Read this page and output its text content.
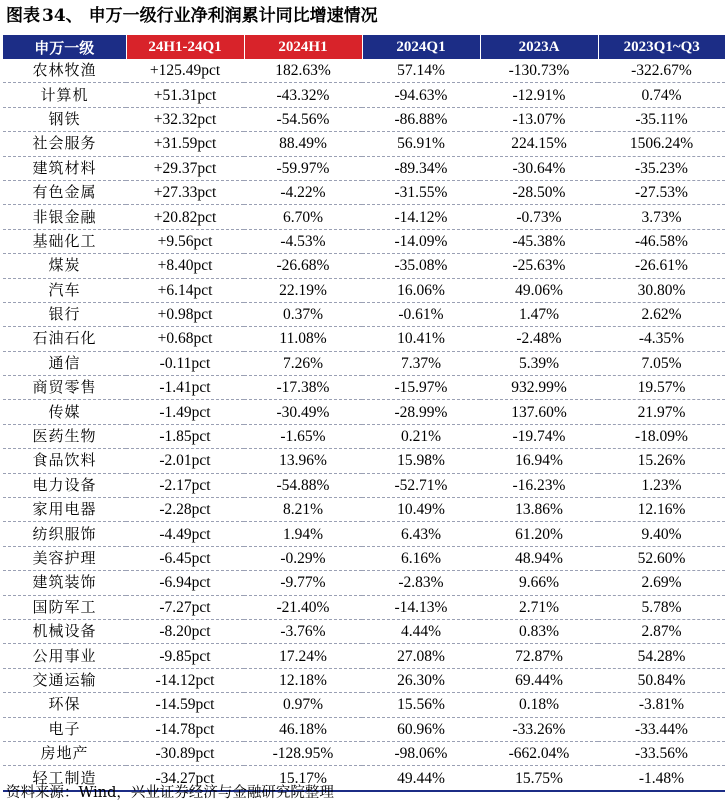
图表 34、 申万一级行业净利润累计同比增速情况
申万一级	24H1-24Q1	2024H1	2024Q1	2023A	2023Q1~Q3
农林牧渔	+125.49pct	182.63%	57.14%	-130.73%	-322.67%
计算机	+51.31pct	-43.32%	-94.63%	-12.91%	0.74%
钢铁	+32.32pct	-54.56%	-86.88%	-13.07%	-35.11%
社会服务	+31.59pct	88.49%	56.91%	224.15%	1506.24%
建筑材料	+29.37pct	-59.97%	-89.34%	-30.64%	-35.23%
有色金属	+27.33pct	-4.22%	-31.55%	-28.50%	-27.53%
非银金融	+20.82pct	6.70%	-14.12%	-0.73%	3.73%
基础化工	+9.56pct	-4.53%	-14.09%	-45.38%	-46.58%
煤炭	+8.40pct	-26.68%	-35.08%	-25.63%	-26.61%
汽车	+6.14pct	22.19%	16.06%	49.06%	30.80%
银行	+0.98pct	0.37%	-0.61%	1.47%	2.62%
石油石化	+0.68pct	11.08%	10.41%	-2.48%	-4.35%
通信	-0.11pct	7.26%	7.37%	5.39%	7.05%
商贸零售	-1.41pct	-17.38%	-15.97%	932.99%	19.57%
传媒	-1.49pct	-30.49%	-28.99%	137.60%	21.97%
医药生物	-1.85pct	-1.65%	0.21%	-19.74%	-18.09%
食品饮料	-2.01pct	13.96%	15.98%	16.94%	15.26%
电力设备	-2.17pct	-54.88%	-52.71%	-16.23%	1.23%
家用电器	-2.28pct	8.21%	10.49%	13.86%	12.16%
纺织服饰	-4.49pct	1.94%	6.43%	61.20%	9.40%
美容护理	-6.45pct	-0.29%	6.16%	48.94%	52.60%
建筑装饰	-6.94pct	-9.77%	-2.83%	9.66%	2.69%
国防军工	-7.27pct	-21.40%	-14.13%	2.71%	5.78%
机械设备	-8.20pct	-3.76%	4.44%	0.83%	2.87%
公用事业	-9.85pct	17.24%	27.08%	72.87%	54.28%
交通运输	-14.12pct	12.18%	26.30%	69.44%	50.84%
环保	-14.59pct	0.97%	15.56%	0.18%	-3.81%
电子	-14.78pct	46.18%	60.96%	-33.26%	-33.44%
房地产	-30.89pct	-128.95%	-98.06%	-662.04%	-33.56%
轻工制造	-34.27pct	15.17%	49.44%	15.75%	-1.48%
资料来源：Wind，兴业证券经济与金融研究院整理
